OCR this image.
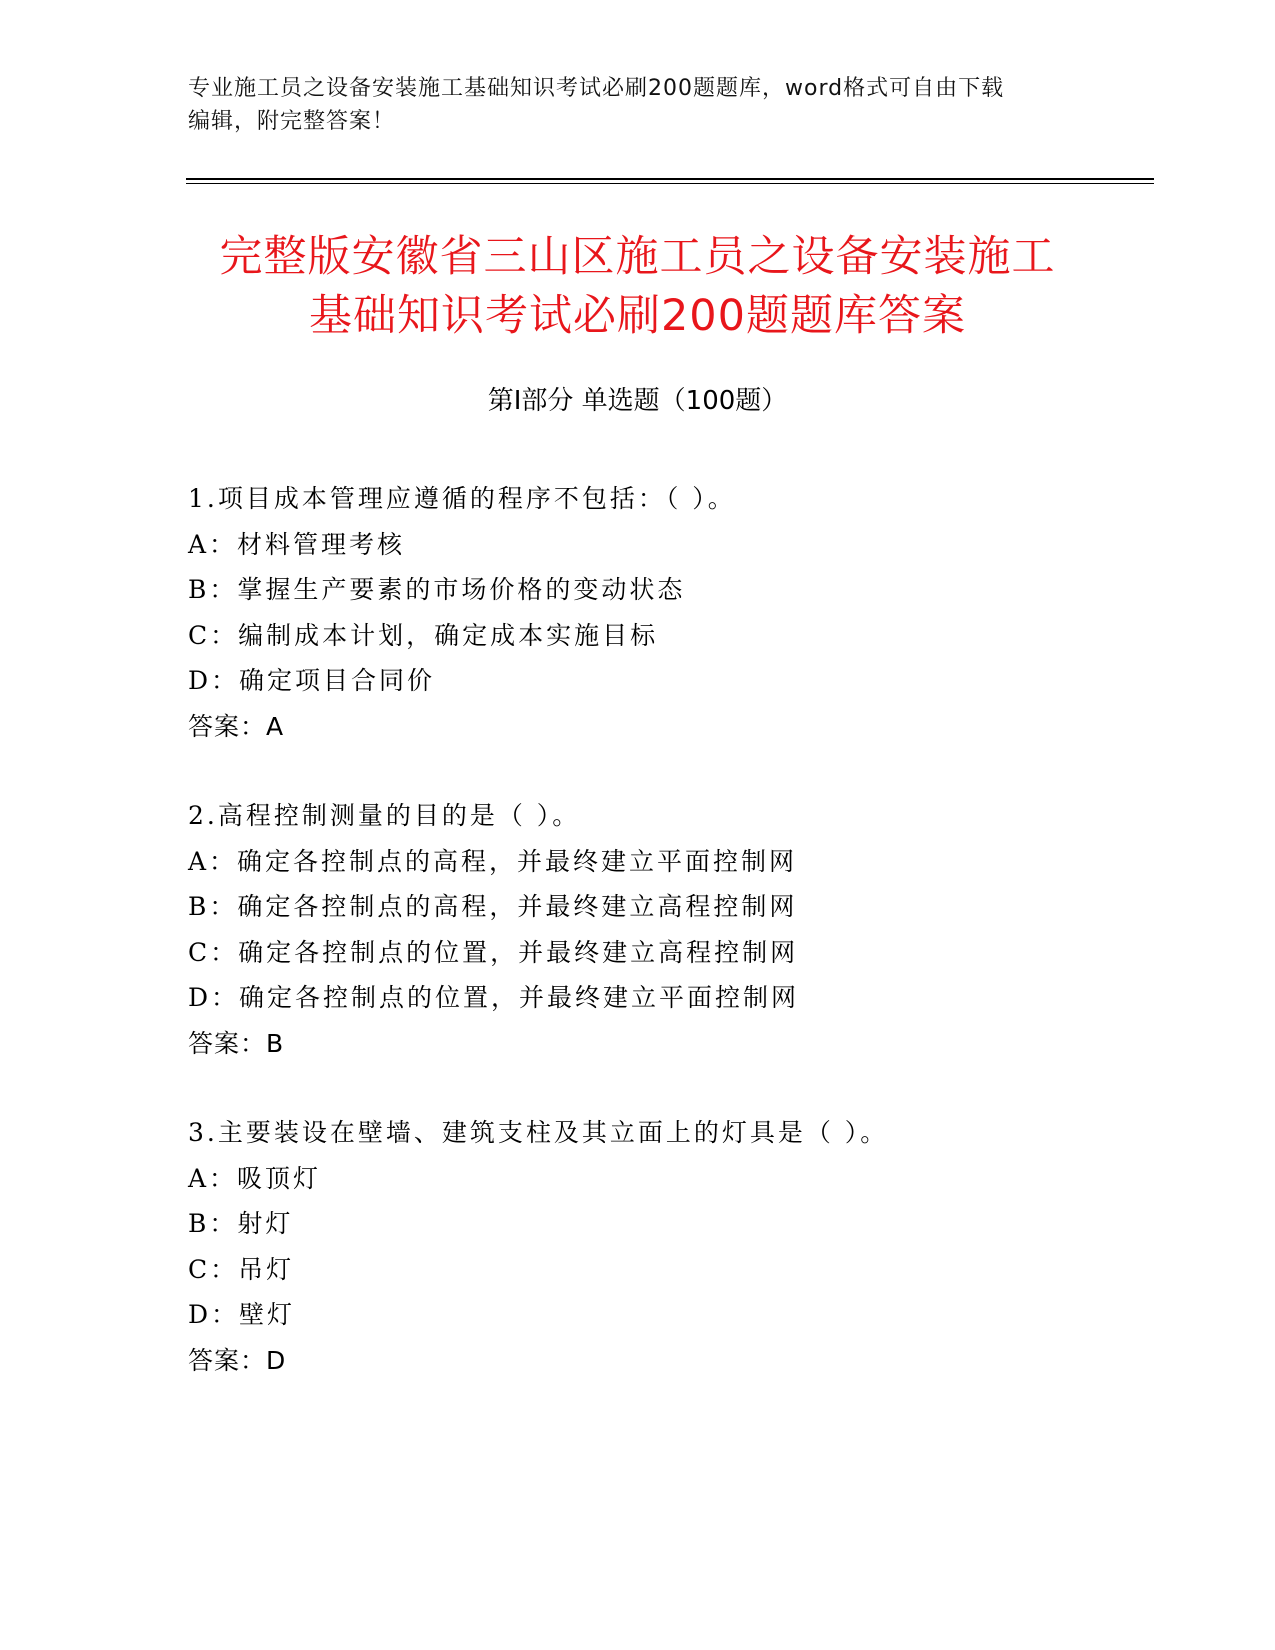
专业施工员之设备安装施工基础知识考试必刷200题题库，word格式可自由下载
编辑，附完整答案！
完整版安徽省三山区施工员之设备安装施工
基础知识考试必刷200题题库答案
第Ⅰ部分 单选题（100题）
1.项目成本管理应遵循的程序不包括：（ ）。
A：材料管理考核
B：掌握生产要素的市场价格的变动状态
C：编制成本计划，确定成本实施目标
D：确定项目合同价
答案：A
2.高程控制测量的目的是（ ）。
A：确定各控制点的高程，并最终建立平面控制网
B：确定各控制点的高程，并最终建立高程控制网
C：确定各控制点的位置，并最终建立高程控制网
D：确定各控制点的位置，并最终建立平面控制网
答案：B
3.主要装设在壁墙、建筑支柱及其立面上的灯具是（ ）。
A：吸顶灯
B：射灯
C：吊灯
D：壁灯
答案：D
